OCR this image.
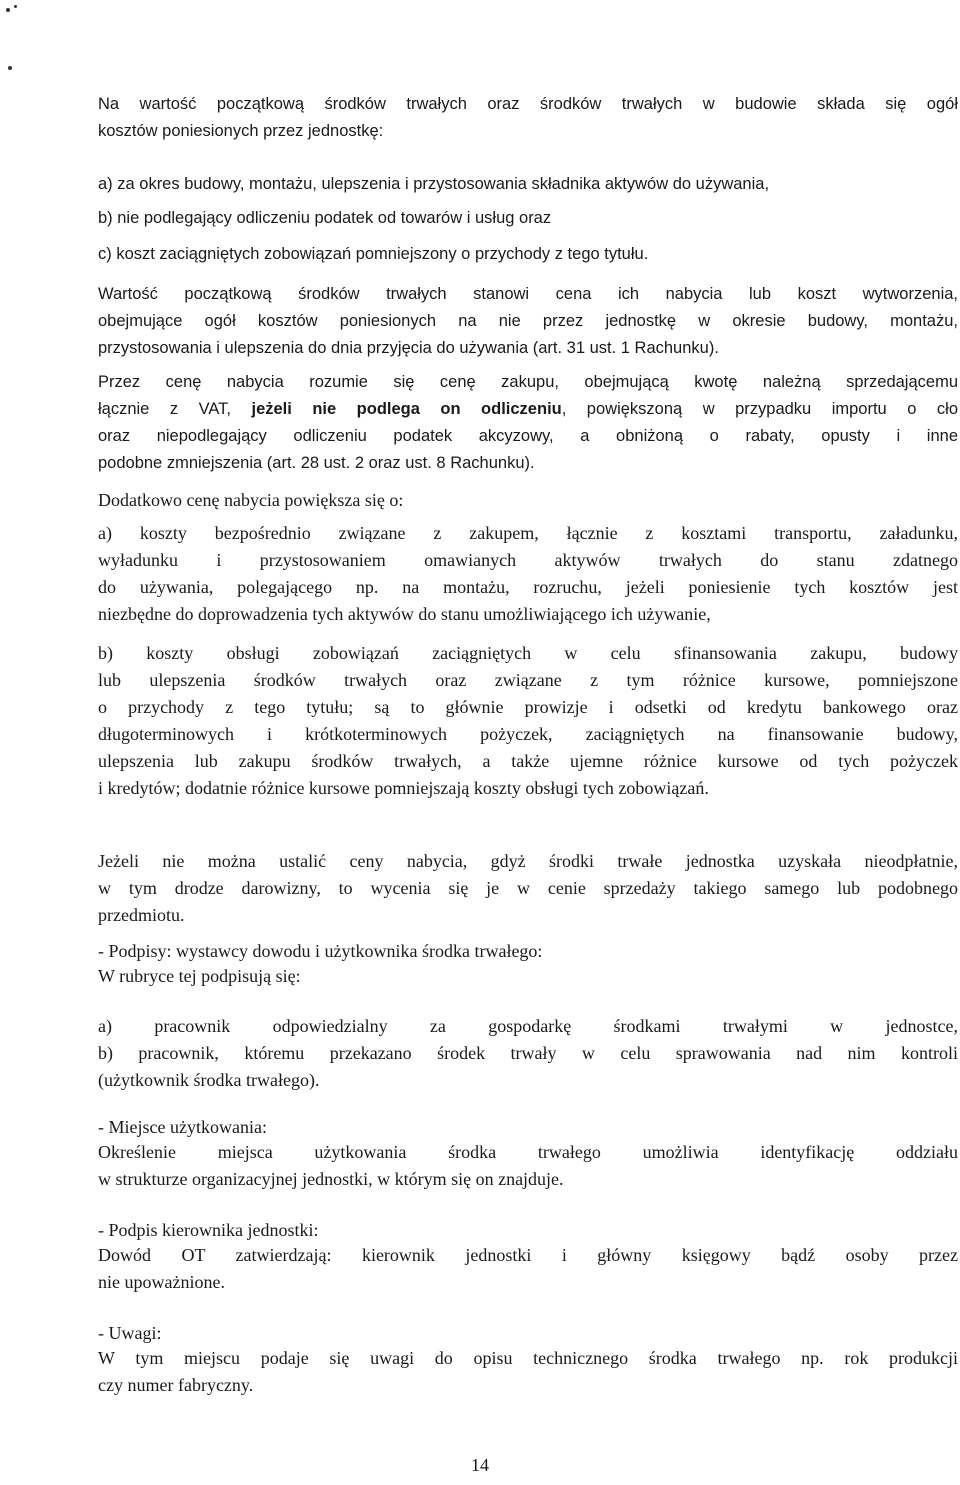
Na wartość początkową środków trwałych oraz środków trwałych w budowie składa się ogół
kosztów poniesionych przez jednostkę:
a) za okres budowy, montażu, ulepszenia i przystosowania składnika aktywów do używania,
b) nie podlegający odliczeniu podatek od towarów i usług oraz
c) koszt zaciągniętych zobowiązań pomniejszony o przychody z tego tytułu.
Wartość początkową środków trwałych stanowi cena ich nabycia lub koszt wytworzenia,
obejmujące ogół kosztów poniesionych na nie przez jednostkę w okresie budowy, montażu,
przystosowania i ulepszenia do dnia przyjęcia do używania (art. 31 ust. 1 Rachunku).
Przez cenę nabycia rozumie się cenę zakupu, obejmującą kwotę należną sprzedającemu
łącznie z VAT, jeżeli nie podlega on odliczeniu, powiększoną w przypadku importu o cło
oraz niepodlegający odliczeniu podatek akcyzowy, a obniżoną o rabaty, opusty i inne
podobne zmniejszenia (art. 28 ust. 2 oraz ust. 8 Rachunku).
Dodatkowo cenę nabycia powiększa się o:
a) koszty bezpośrednio związane z zakupem, łącznie z kosztami transportu, załadunku,
wyładunku i przystosowaniem omawianych aktywów trwałych do stanu zdatnego
do używania, polegającego np. na montażu, rozruchu, jeżeli poniesienie tych kosztów jest
niezbędne do doprowadzenia tych aktywów do stanu umożliwiającego ich używanie,
b) koszty obsługi zobowiązań zaciągniętych w celu sfinansowania zakupu, budowy
lub ulepszenia środków trwałych oraz związane z tym różnice kursowe, pomniejszone
o przychody z tego tytułu; są to głównie prowizje i odsetki od kredytu bankowego oraz
długoterminowych i krótkoterminowych pożyczek, zaciągniętych na finansowanie budowy,
ulepszenia lub zakupu środków trwałych, a także ujemne różnice kursowe od tych pożyczek
i kredytów; dodatnie różnice kursowe pomniejszają koszty obsługi tych zobowiązań.
Jeżeli nie można ustalić ceny nabycia, gdyż środki trwałe jednostka uzyskała nieodpłatnie,
w tym drodze darowizny, to wycenia się je w cenie sprzedaży takiego samego lub podobnego
przedmiotu.
- Podpisy: wystawcy dowodu i użytkownika środka trwałego:
W rubryce tej podpisują się:
a) pracownik odpowiedzialny za gospodarkę środkami trwałymi w jednostce,
b) pracownik, któremu przekazano środek trwały w celu sprawowania nad nim kontroli
(użytkownik środka trwałego).
- Miejsce użytkowania:
Określenie miejsca użytkowania środka trwałego umożliwia identyfikację oddziału
w strukturze organizacyjnej jednostki, w którym się on znajduje.
- Podpis kierownika jednostki:
Dowód OT zatwierdzają: kierownik jednostki i główny księgowy bądź osoby przez
nie upoważnione.
- Uwagi:
W tym miejscu podaje się uwagi do opisu technicznego środka trwałego np. rok produkcji
czy numer fabryczny.
14
